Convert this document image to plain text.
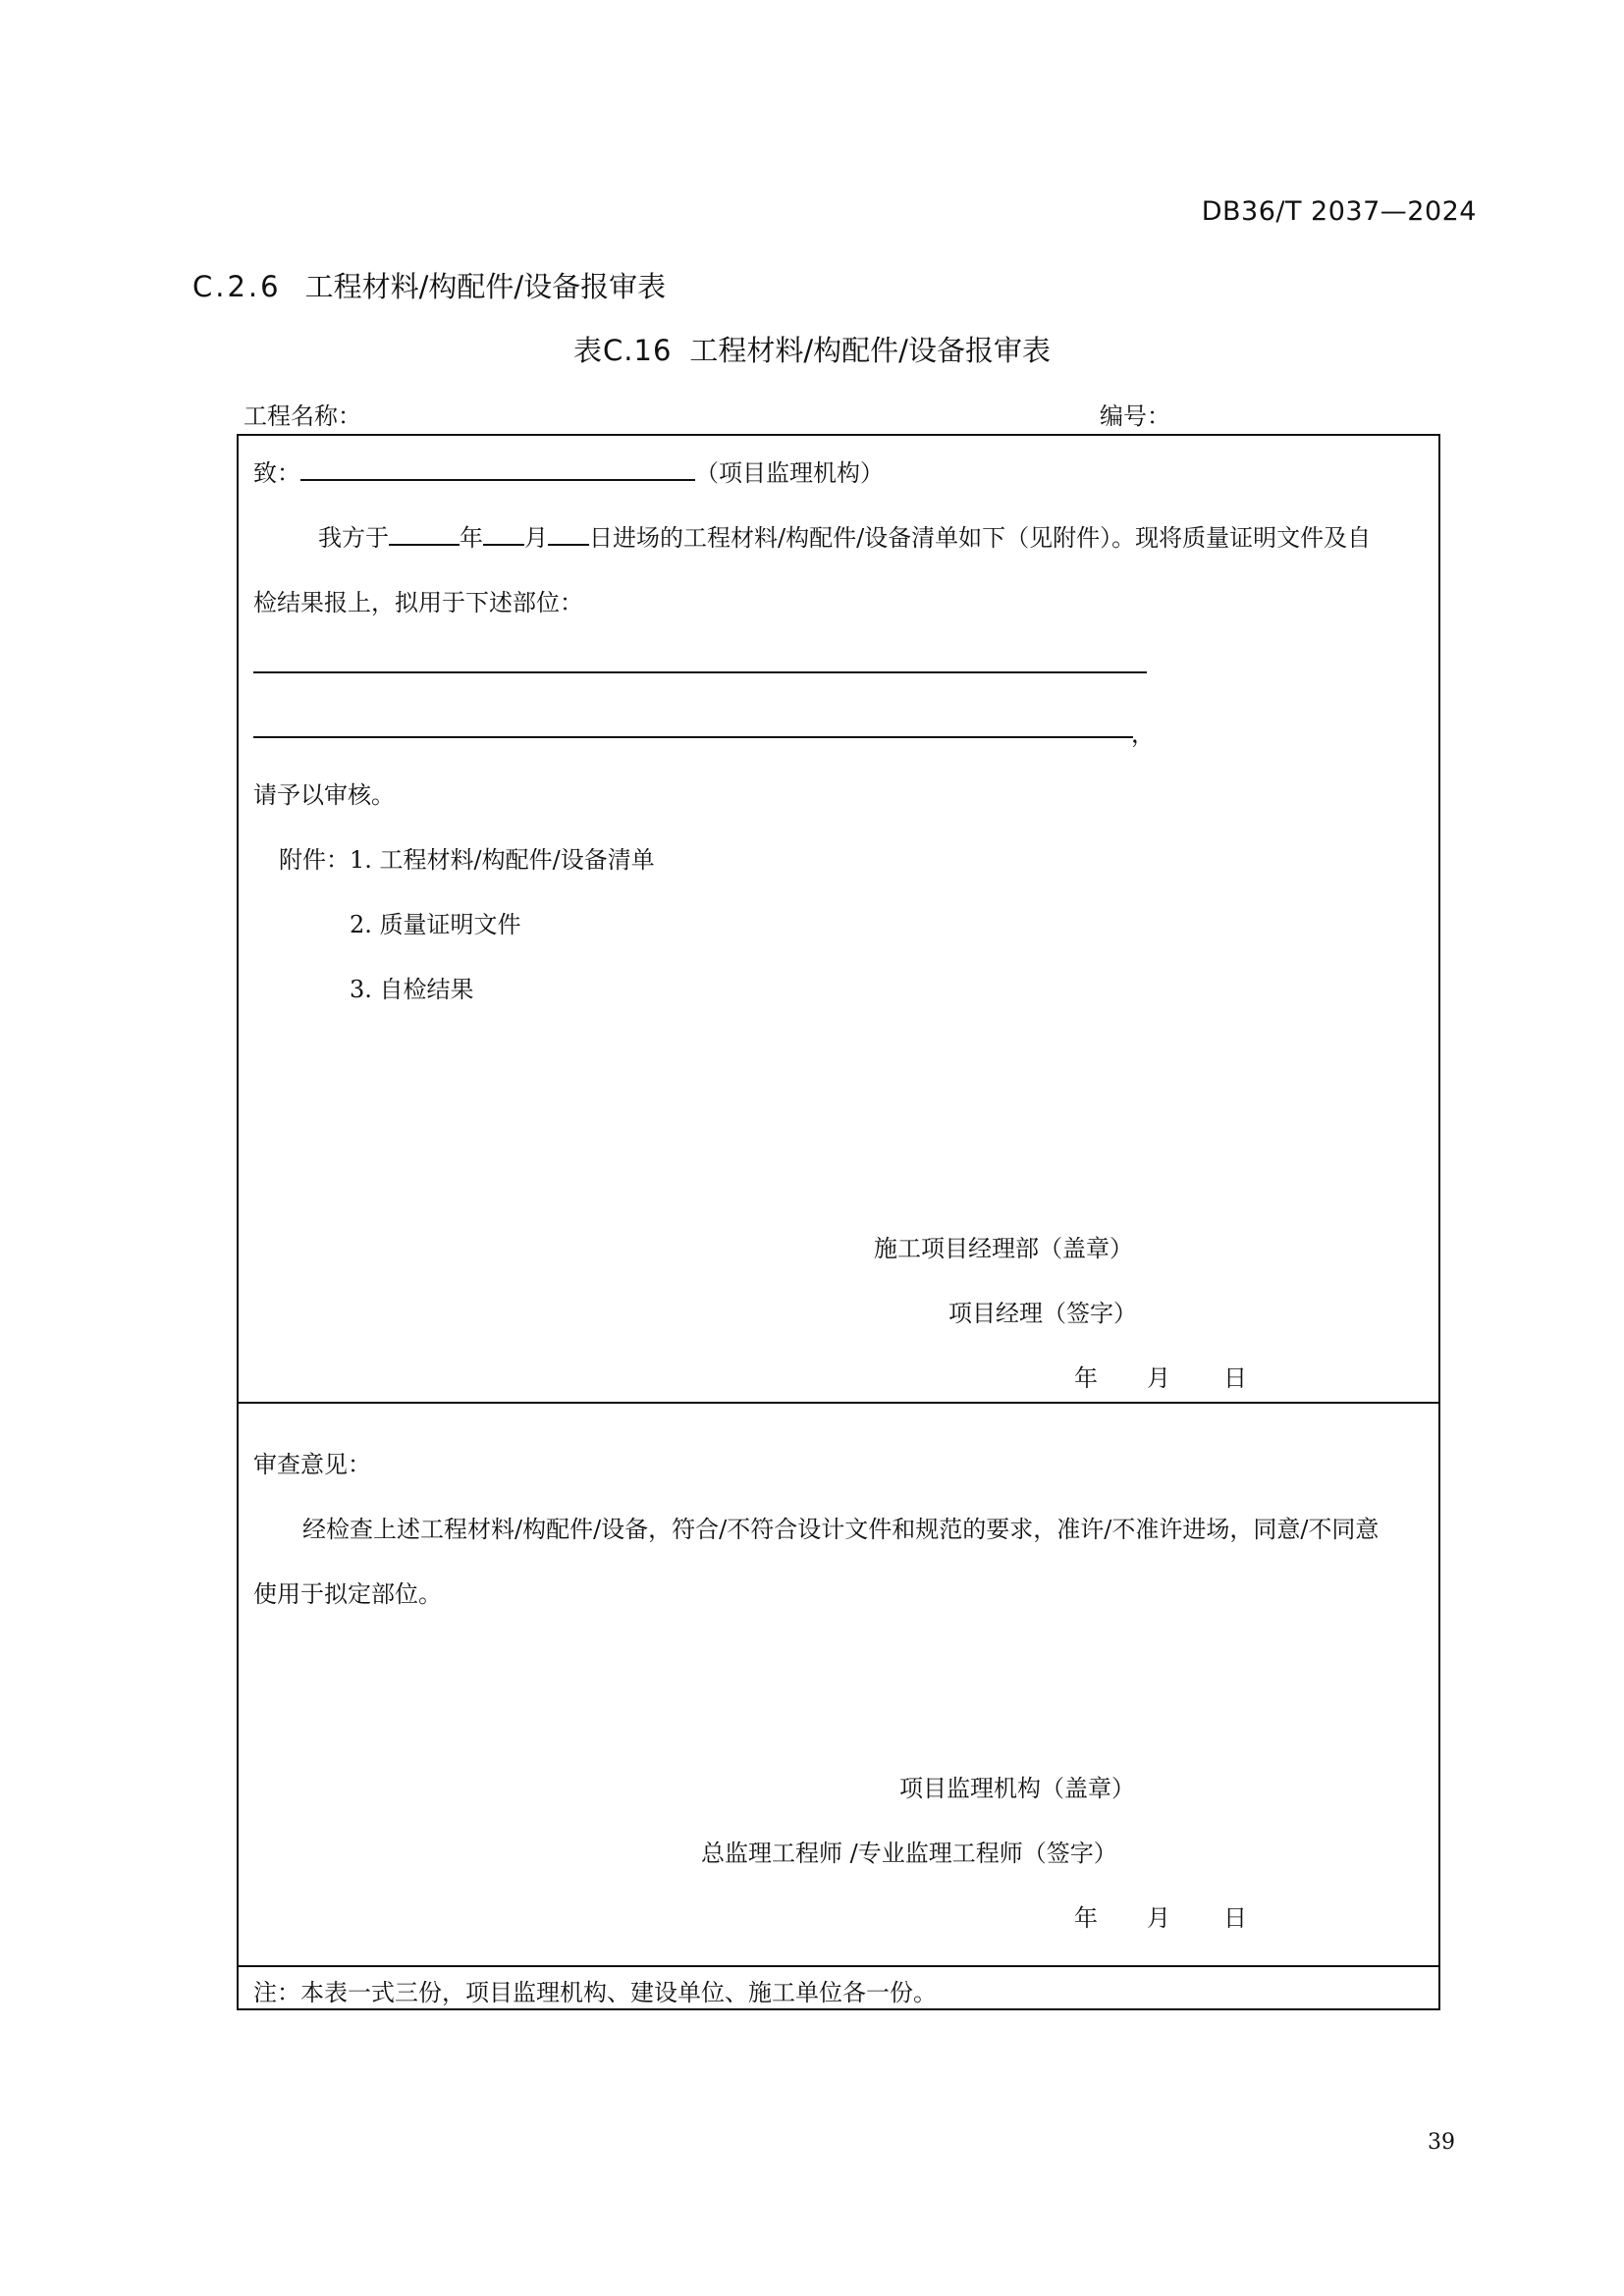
DB36/T 2037—2024
C.2.6 工程材料/构配件/设备报审表
表C.16 工程材料/构配件/设备报审表
工程名称：	编号：
致：	（项目监理机构）
我方于	年 月 日进场的工程材料/构配件/设备清单如下（见附件）。现将质量证明文件及自
检结果报上，拟用于下述部位：
，
请予以审核。
附件： 1. 工程材料/构配件/设备清单
2. 质量证明文件
3. 自检结果
施工项目经理部（盖章）
项目经理（签字）
年 月 日
审查意见：
经检查上述工程材料/构配件/设备，符合/不符合设计文件和规范的要求，准许/不准许进场，同意/不同意
使用于拟定部位。
项目监理机构（盖章）
总监理工程师 /专业监理工程师（签字）
年 月 日
注：本表一式三份，项目监理机构、建设单位、施工单位各一份。
39
